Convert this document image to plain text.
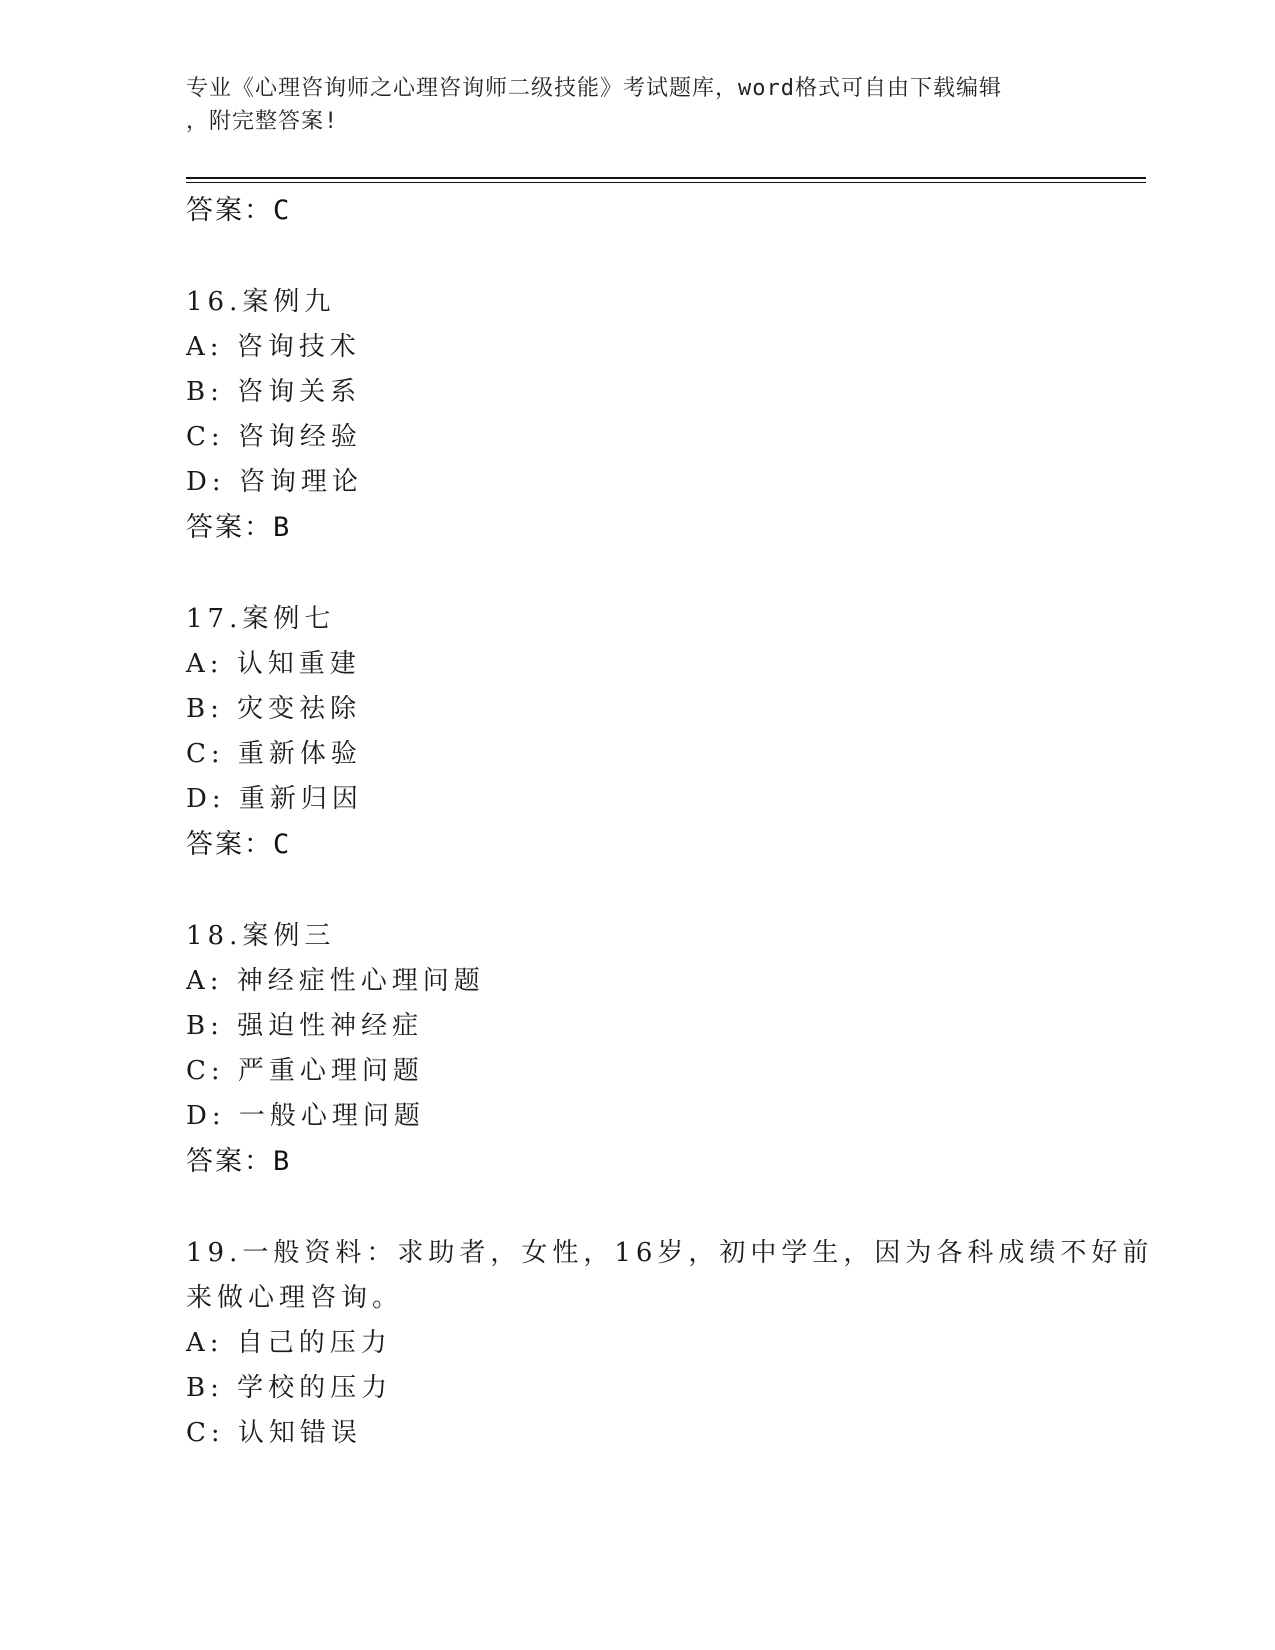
专业《心理咨询师之心理咨询师二级技能》考试题库，word格式可自由下载编辑
，附完整答案!
答案：C
16.案例九
A: 咨询技术
B: 咨询关系
C: 咨询经验
D: 咨询理论
答案：B
17.案例七
A: 认知重建
B: 灾变祛除
C: 重新体验
D: 重新归因
答案：C
18.案例三
A: 神经症性心理问题
B: 强迫性神经症
C: 严重心理问题
D: 一般心理问题
答案：B
19.一般资料：求助者，女性，16岁，初中学生，因为各科成绩不好前
来做心理咨询。
A: 自己的压力
B: 学校的压力
C: 认知错误
